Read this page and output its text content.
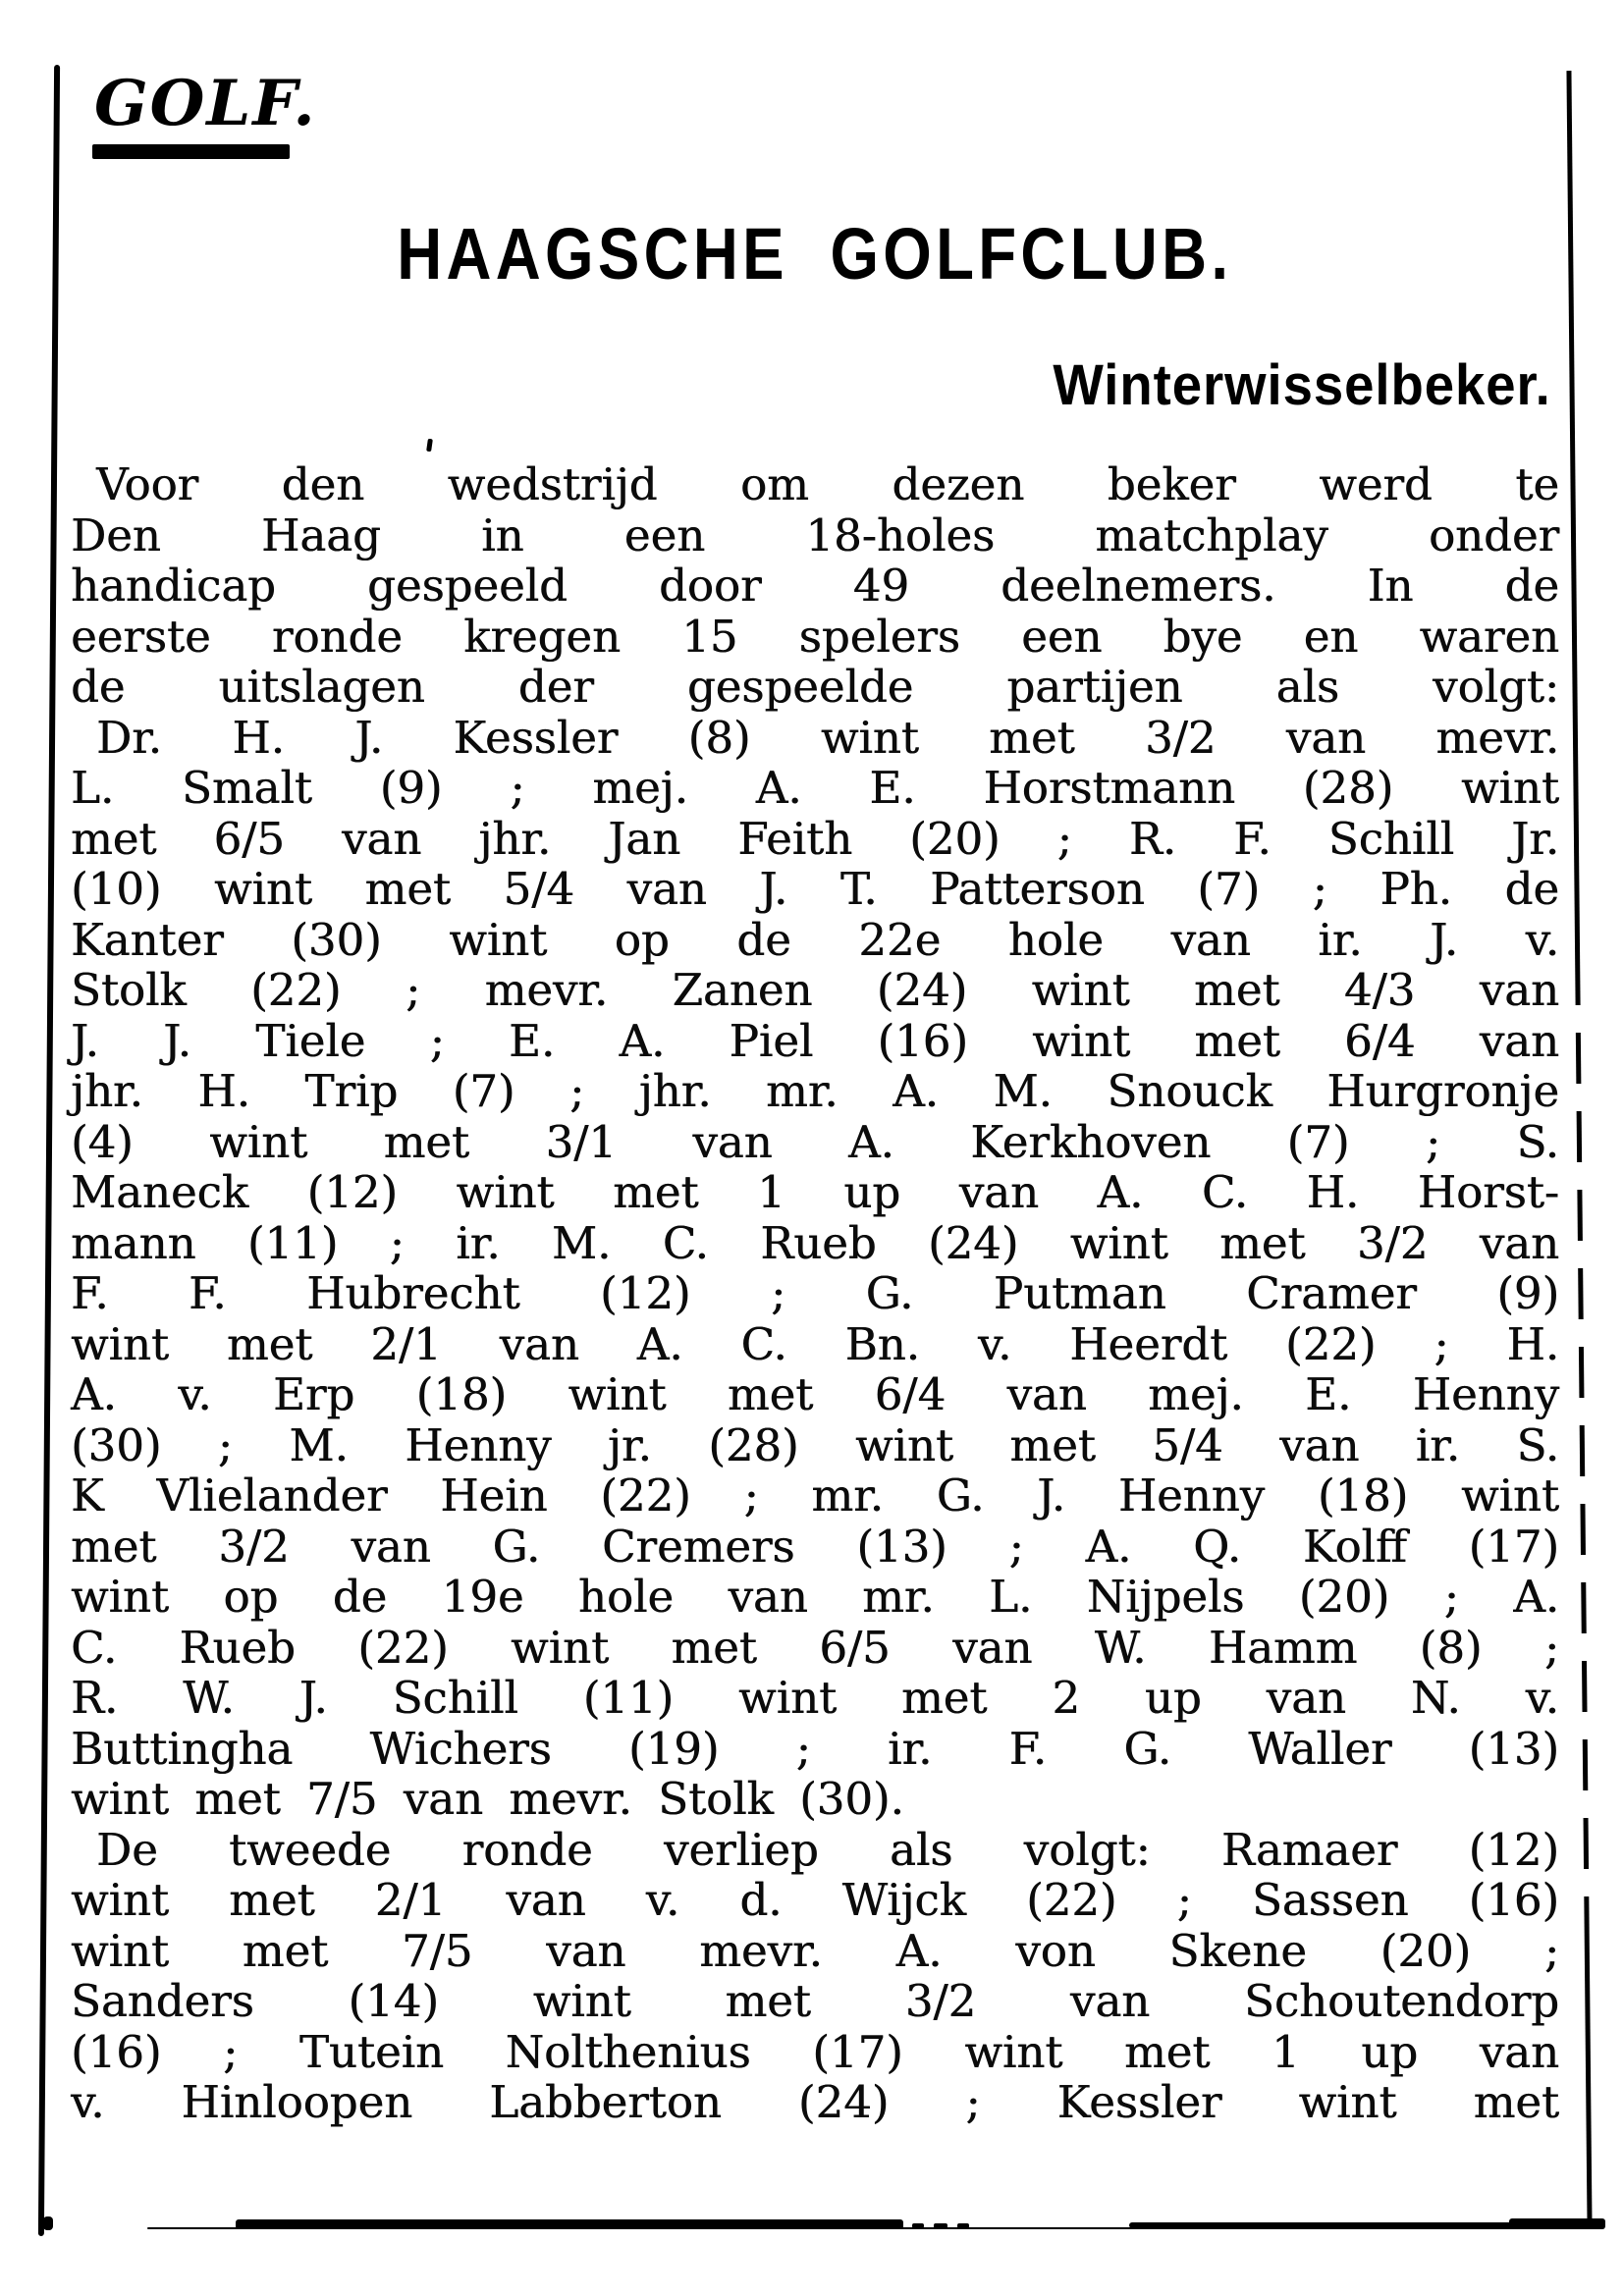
GOLF.
HAAGSCHE GOLFCLUB.
Winterwisselbeker.
Voor den wedstrijd om dezen beker werd te
Den Haag in een 18-holes matchplay onder
handicap gespeeld door 49 deelnemers. In de
eerste ronde kregen 15 spelers een bye en waren
de uitslagen der gespeelde partijen als volgt:
Dr. H. J. Kessler (8) wint met 3/2 van mevr.
L. Smalt (9) ; mej. A. E. Horstmann (28) wint
met 6/5 van jhr. Jan Feith (20) ; R. F. Schill Jr.
(10) wint met 5/4 van J. T. Patterson (7) ; Ph. de
Kanter (30) wint op de 22e hole van ir. J. v.
Stolk (22) ; mevr. Zanen (24) wint met 4/3 van
J. J. Tiele ; E. A. Piel (16) wint met 6/4 van
jhr. H. Trip (7) ; jhr. mr. A. M. Snouck Hurgronje
(4) wint met 3/1 van A. Kerkhoven (7) ; S.
Maneck (12) wint met 1 up van A. C. H. Horst-
mann (11) ; ir. M. C. Rueb (24) wint met 3/2 van
F. F. Hubrecht (12) ; G. Putman Cramer (9)
wint met 2/1 van A. C. Bn. v. Heerdt (22) ; H.
A. v. Erp (18) wint met 6/4 van mej. E. Henny
(30) ; M. Henny jr. (28) wint met 5/4 van ir. S.
K Vlielander Hein (22) ; mr. G. J. Henny (18) wint
met 3/2 van G. Cremers (13) ; A. Q. Kolff (17)
wint op de 19e hole van mr. L. Nijpels (20) ; A.
C. Rueb (22) wint met 6/5 van W. Hamm (8) ;
R. W. J. Schill (11) wint met 2 up van N. v.
Buttingha Wichers (19) ; ir. F. G. Waller (13)
wint met 7/5 van mevr. Stolk (30).
De tweede ronde verliep als volgt: Ramaer (12)
wint met 2/1 van v. d. Wijck (22) ; Sassen (16)
wint met 7/5 van mevr. A. von Skene (20) ;
Sanders (14) wint met 3/2 van Schoutendorp
(16) ; Tutein Nolthenius (17) wint met 1 up van
v. Hinloopen Labberton (24) ; Kessler wint met
